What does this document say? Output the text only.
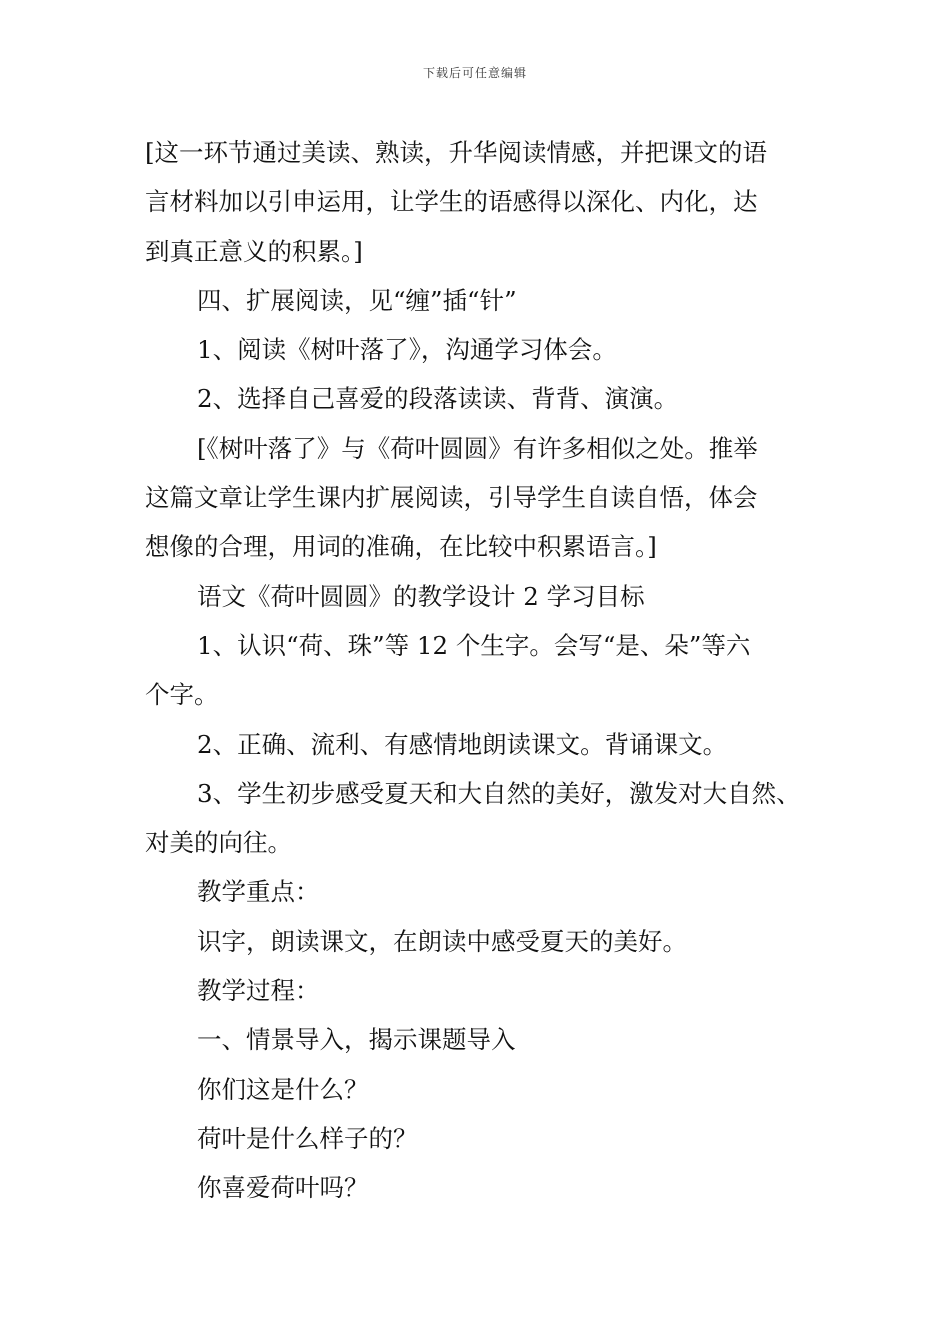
下载后可任意编辑
[这一环节通过美读、熟读，升华阅读情感，并把课文的语
言材料加以引申运用，让学生的语感得以深化、内化，达
到真正意义的积累。]
四、扩展阅读，见“缠”插“针”
1、阅读《树叶落了》，沟通学习体会。
2、选择自己喜爱的段落读读、背背、演演。
[《树叶落了》与《荷叶圆圆》有许多相似之处。推举
这篇文章让学生课内扩展阅读，引导学生自读自悟，体会
想像的合理，用词的准确，在比较中积累语言。]
语文《荷叶圆圆》的教学设计 2 学习目标
1、认识“荷、珠”等 12 个生字。会写“是、朵”等六
个字。
2、正确、流利、有感情地朗读课文。背诵课文。
3、学生初步感受夏天和大自然的美好，激发对大自然、
对美的向往。
教学重点：
识字，朗读课文，在朗读中感受夏天的美好。
教学过程：
一、情景导入，揭示课题导入
你们这是什么？
荷叶是什么样子的？
你喜爱荷叶吗？
